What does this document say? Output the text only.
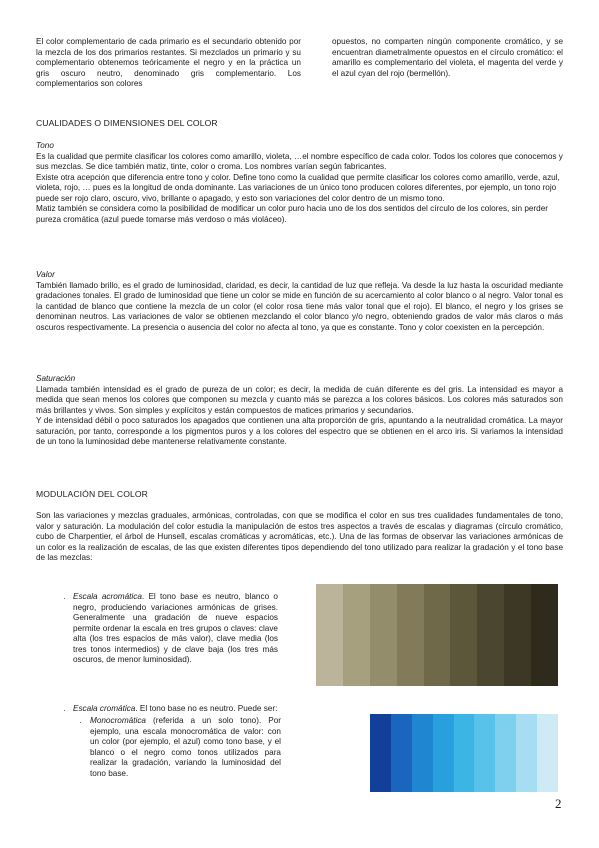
El color complementario de cada primario es el secundario obtenido por la mezcla de los dos primarios restantes. Si mezclados un primario y su complementario obtenemos teóricamente el negro y en la práctica un gris oscuro neutro, denominado gris complementario. Los complementarios son colores

opuestos, no comparten ningún componente cromático, y se encuentran diametralmente opuestos en el círculo cromático: el amarillo es complementario del violeta, el magenta del verde y el azul cyan del rojo (bermellón).

CUALIDADES O DIMENSIONES DEL COLOR

Tono

Es la cualidad que permite clasificar los colores como amarillo, violeta, …el nombre específico de cada color. Todos los colores que conocemos y sus mezclas. Se dice también matiz, tinte, color o croma. Los nombres varían según fabricantes.

Existe otra acepción que diferencia entre tono y color. Define tono como la cualidad que permite clasificar los colores como amarillo, verde, azul, violeta, rojo, … pues es la longitud de onda dominante. Las variaciones de un único tono producen colores diferentes, por ejemplo, un tono rojo puede ser rojo claro, oscuro, vivo, brillante o apagado, y esto son variaciones del color dentro de un mismo tono.

Matiz también se considera como la posibilidad de modificar un color puro hacia uno de los dos sentidos del círculo de los colores, sin perder pureza cromática (azul puede tomarse más verdoso o más violáceo).

Valor

También llamado brillo, es el grado de luminosidad, claridad, es decir, la cantidad de luz que refleja. Va desde la luz hasta la oscuridad mediante gradaciones tonales. El grado de luminosidad que tiene un color se mide en función de su acercamiento al color blanco o al negro. Valor tonal es la cantidad de blanco que contiene la mezcla de un color (el color rosa tiene más valor tonal que el rojo). El blanco, el negro y los grises se denominan neutros. Las variaciones de valor se obtienen mezclando el color blanco y/o negro, obteniendo grados de valor más claros o más oscuros respectivamente. La presencia o ausencia del color no afecta al tono, ya que es constante. Tono y color coexisten en la percepción.

Saturación

Llamada también intensidad es el grado de pureza de un color; es decir, la medida de cuán diferente es del gris. La intensidad es mayor a medida que sean menos los colores que componen su mezcla y cuanto más se parezca a los colores básicos. Los colores más saturados son más brillantes y vivos. Son simples y explícitos y están compuestos de matices primarios y secundarios.

Y de intensidad débil o poco saturados los apagados que contienen una alta proporción de gris, apuntando a la neutralidad cromática. La mayor saturación, por tanto, corresponde a los pigmentos puros y a los colores del espectro que se obtienen en el arco iris. Si variamos la intensidad de un tono la luminosidad debe mantenerse relativamente constante.

MODULACIÓN DEL COLOR

Son las variaciones y mezclas graduales, armónicas, controladas, con que se modifica el color en sus tres cualidades fundamentales de tono, valor y saturación. La modulación del color estudia la manipulación de estos tres aspectos a través de escalas y diagramas (círculo cromático, cubo de Charpentier, el árbol de Hunsell, escalas cromáticas y acromáticas, etc.). Una de las formas de observar las variaciones armónicas de un color es la realización de escalas, de las que existen diferentes tipos dependiendo del tono utilizado para realizar la gradación y el tono base de las mezclas:

· Escala acromática. El tono base es neutro, blanco o negro, produciendo variaciones armónicas de grises. Generalmente una gradación de nueve espacios permite ordenar la escala en tres grupos o claves: clave alta (los tres espacios de más valor), clave media (los tres tonos intermedios) y de clave baja (los tres más oscuros, de menor luminosidad).
· Escala cromática. El tono base no es neutro. Puede ser:
· Monocromática (referida a un solo tono). Por ejemplo, una escala monocromática de valor: con un color (por ejemplo, el azul) como tono base, y el blanco o el negro como tonos utilizados para realizar la gradación, variando la luminosidad del tono base.
2
